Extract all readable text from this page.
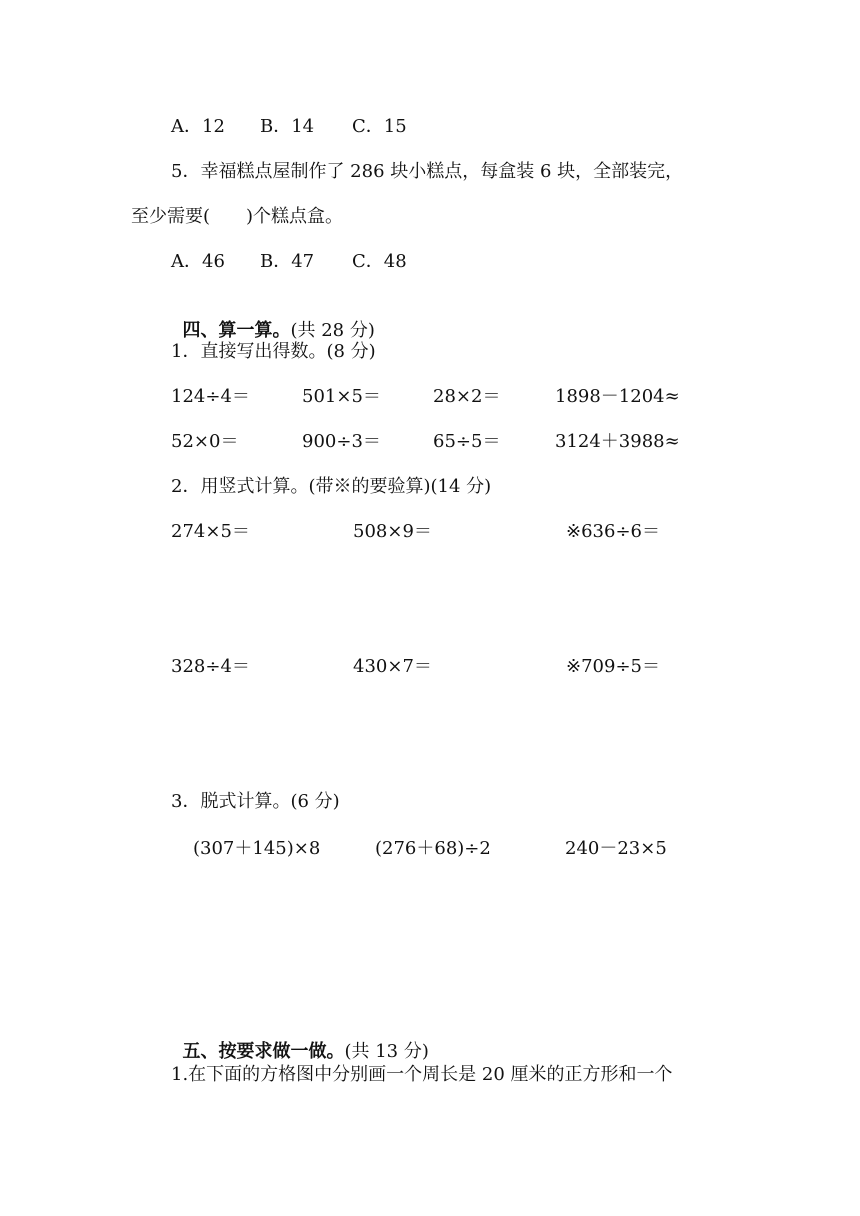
A．12 B．14 C．15
5．幸福糕点屋制作了 286 块小糕点，每盒装 6 块，全部装完，
至少需要(　　)个糕点盒。
A．46 B．47 C．48

四、算一算。(共 28 分)

1．直接写出得数。(8 分)
124÷4＝	501×5＝	28×2＝	1898－1204≈
52×0＝	900÷3＝	65÷5＝	3124＋3988≈
2．用竖式计算。(带※的要验算)(14 分)
274×5＝	508×9＝	※636÷6＝
328÷4＝	430×7＝	※709÷5＝
3．脱式计算。(6 分)
(307＋145)×8	(276＋68)÷2	240－23×5

五、按要求做一做。(共 13 分)

1.在下面的方格图中分别画一个周长是 20 厘米的正方形和一个
